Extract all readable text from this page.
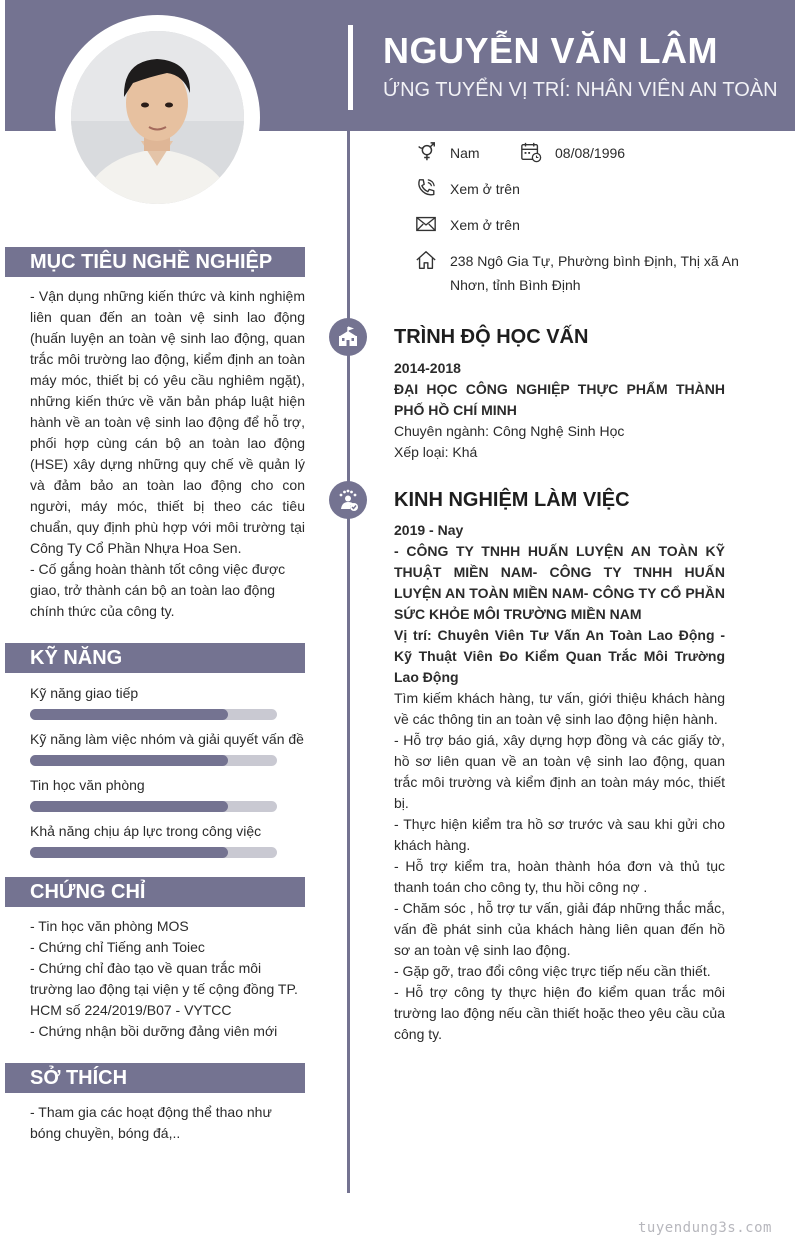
NGUYỄN VĂN LÂM
ỨNG TUYỂN VỊ TRÍ: NHÂN VIÊN AN TOÀN
Nam	08/08/1996
Xem ở trên
Xem ở trên
238 Ngô Gia Tự, Phường bình Định, Thị xã An
Nhơn, tỉnh Bình Định
MỤC TIÊU NGHỀ NGHIỆP

- Vận dụng những kiến thức và kinh nghiệm liên quan đến an toàn vệ sinh lao động (huấn luyện an toàn vệ sinh lao động, quan trắc môi trường lao động, kiểm định an toàn máy móc, thiết bị có yêu cầu nghiêm ngặt), những kiến thức về văn bản pháp luật hiện hành về an toàn vệ sinh lao động để hỗ trợ, phối hợp cùng cán bộ an toàn lao động (HSE) xây dựng những quy chế về quản lý và đảm bảo an toàn lao động cho con người, máy móc, thiết bị theo các tiêu chuẩn, quy định phù hợp với môi trường tại Công Ty Cổ Phần Nhựa Hoa Sen.

- Cố gắng hoàn thành tốt công việc được giao, trở thành cán bộ an toàn lao động chính thức của công ty.

KỸ NĂNG
Kỹ năng giao tiếp
Kỹ năng làm việc nhóm và giải quyết vấn đề
Tin học văn phòng
Khả năng chịu áp lực trong công việc
CHỨNG CHỈ

- Tin học văn phòng MOS

- Chứng chỉ Tiếng anh Toiec

- Chứng chỉ đào tạo về quan trắc môi trường lao động tại viện y tế cộng đồng TP. HCM số 224/2019/B07 - VYTCC

- Chứng nhận bồi dưỡng đảng viên mới

SỞ THÍCH

- Tham gia các hoạt động thể thao như bóng chuyền, bóng đá,..

TRÌNH ĐỘ HỌC VẤN

2014-2018

ĐẠI HỌC CÔNG NGHIỆP THỰC PHẨM THÀNH PHỐ HỒ CHÍ MINH

Chuyên ngành: Công Nghệ Sinh Học

Xếp loại: Khá

KINH NGHIỆM LÀM VIỆC

2019 - Nay

- CÔNG TY TNHH HUẤN LUYỆN AN TOÀN KỸ THUẬT MIỀN NAM- CÔNG TY TNHH HUẤN LUYỆN AN TOÀN MIỀN NAM- CÔNG TY CỔ PHẦN SỨC KHỎE MÔI TRƯỜNG MIỀN NAM

Vị trí: Chuyên Viên Tư Vấn An Toàn Lao Động - Kỹ Thuật Viên Đo Kiểm Quan Trắc Môi Trường Lao Động

Tìm kiếm khách hàng, tư vấn, giới thiệu khách hàng về các thông tin an toàn vệ sinh lao động hiện hành.

- Hỗ trợ báo giá, xây dựng hợp đồng và các giấy tờ, hồ sơ liên quan về an toàn vệ sinh lao động, quan trắc môi trường và kiểm định an toàn máy móc, thiết bị.

- Thực hiện kiểm tra hồ sơ trước và sau khi gửi cho khách hàng.

- Hỗ trợ kiểm tra, hoàn thành hóa đơn và thủ tục thanh toán cho công ty, thu hồi công nợ .

- Chăm sóc , hỗ trợ tư vấn, giải đáp những thắc mắc, vấn đề phát sinh của khách hàng liên quan đến hồ sơ an toàn vệ sinh lao động.

- Gặp gỡ, trao đổi công việc trực tiếp nếu cần thiết.

- Hỗ trợ công ty thực hiện đo kiểm quan trắc môi trường lao động nếu cần thiết hoặc theo yêu cầu của công ty.

tuyendung3s.com
